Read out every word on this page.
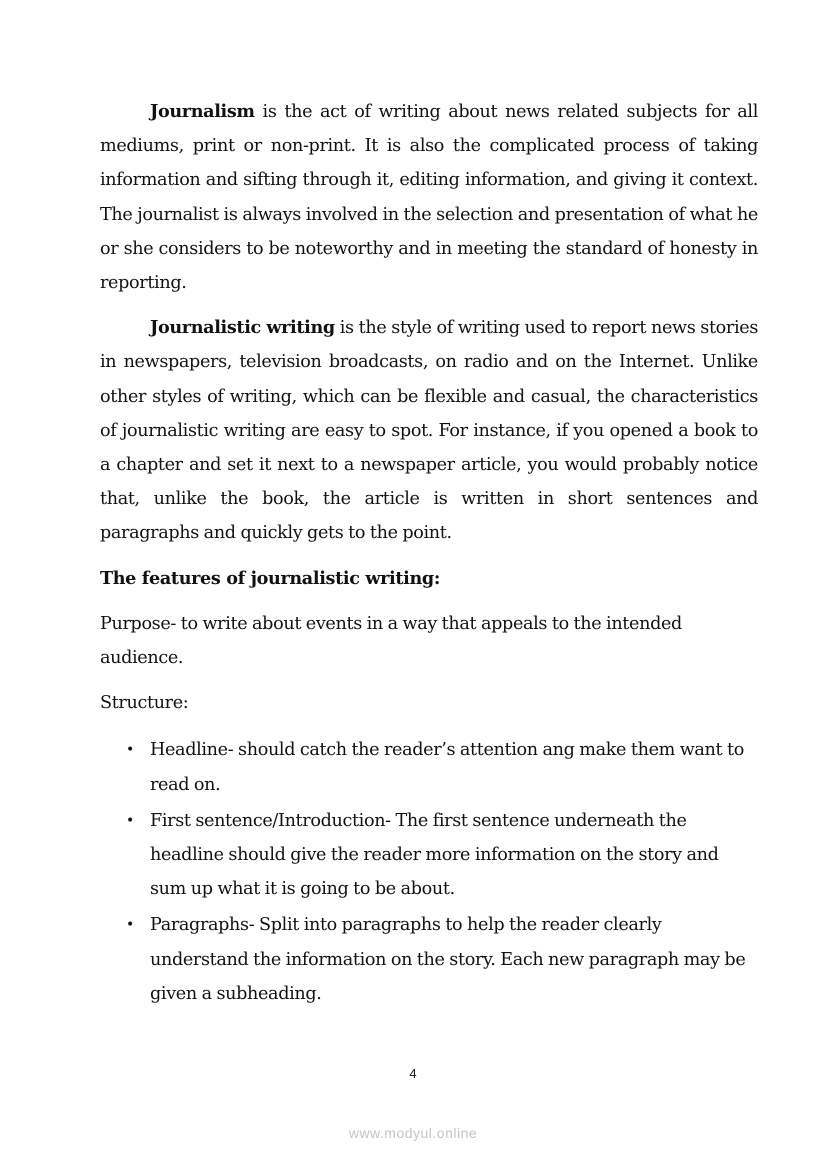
Journalism is the act of writing about news related subjects for all mediums, print or non-print. It is also the complicated process of taking information and sifting through it, editing information, and giving it context. The journalist is always involved in the selection and presentation of what he or she considers to be noteworthy and in meeting the standard of honesty in reporting.

Journalistic writing is the style of writing used to report news stories in newspapers, television broadcasts, on radio and on the Internet. Unlike other styles of writing, which can be flexible and casual, the characteristics of journalistic writing are easy to spot. For instance, if you opened a book to a chapter and set it next to a newspaper article, you would probably notice that, unlike the book, the article is written in short sentences and paragraphs and quickly gets to the point.

The features of journalistic writing:

Purpose- to write about events in a way that appeals to the intended audience.

Structure:

• Headline- should catch the reader’s attention ang make them want to read on.
• First sentence/Introduction- The first sentence underneath the headline should give the reader more information on the story and sum up what it is going to be about.
• Paragraphs- Split into paragraphs to help the reader clearly understand the information on the story. Each new paragraph may be given a subheading.
4
www.modyul.online
